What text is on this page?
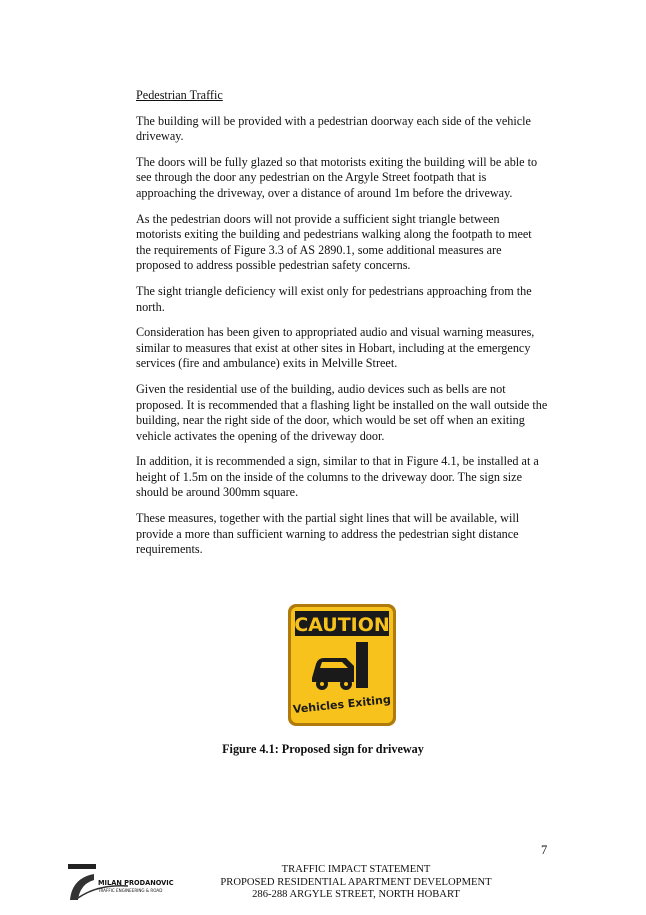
Pedestrian Traffic

The building will be provided with a pedestrian doorway each side of the vehicle driveway.

The doors will be fully glazed so that motorists exiting the building will be able to see through the door any pedestrian on the Argyle Street footpath that is approaching the driveway, over a distance of around 1m before the driveway.

As the pedestrian doors will not provide a sufficient sight triangle between motorists exiting the building and pedestrians walking along the footpath to meet the requirements of Figure 3.3 of AS 2890.1, some additional measures are proposed to address possible pedestrian safety concerns.

The sight triangle deficiency will exist only for pedestrians approaching from the north.

Consideration has been given to appropriated audio and visual warning measures, similar to measures that exist at other sites in Hobart, including at the emergency services (fire and ambulance) exits in Melville Street.

Given the residential use of the building, audio devices such as bells are not proposed. It is recommended that a flashing light be installed on the wall outside the building, near the right side of the door, which would be set off when an exiting vehicle activates the opening of the driveway door.

In addition, it is recommended a sign, similar to that in Figure 4.1, be installed at a height of 1.5m on the inside of the columns to the driveway door. The sign size should be around 300mm square.

These measures, together with the partial sight lines that will be available, will provide a more than sufficient warning to address the pedestrian sight distance requirements.

CAUTION
Vehicles Exiting
Figure 4.1: Proposed sign for driveway
7
MILAN PRODANOVIC
TRAFFIC ENGINEERING & ROAD
TRAFFIC IMPACT STATEMENT
PROPOSED RESIDENTIAL APARTMENT DEVELOPMENT
286-288 ARGYLE STREET, NORTH HOBART
